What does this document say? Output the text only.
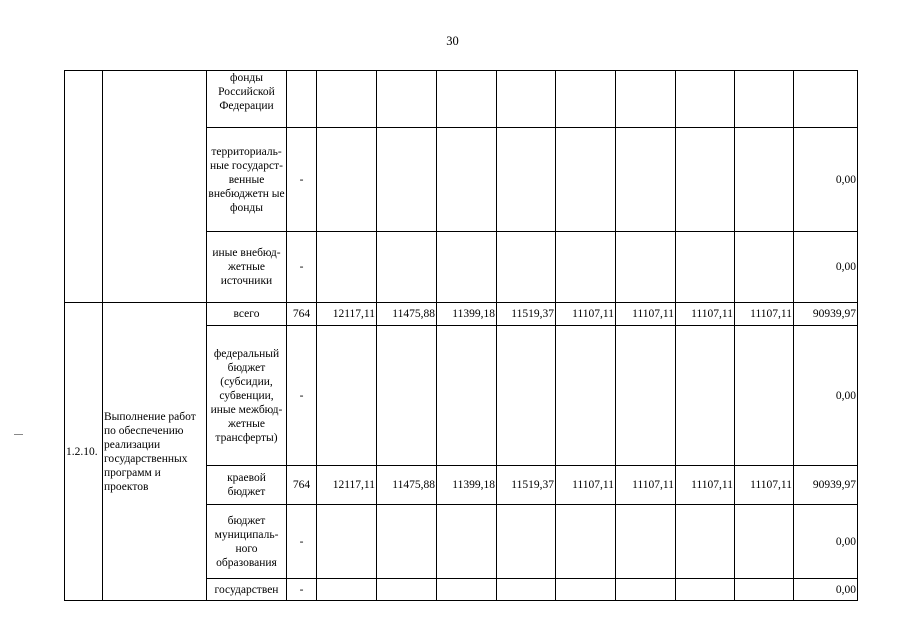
30
		фонды Российской Федерации										
		территориаль-ные государст-венные внебюджетн ые фонды	-									0,00
		иные внебюд-жетные источники	-									0,00
1.2.10.	Выполнение работ по обеспечению реализации государственных программ и проектов	всего	764	12117,11	11475,88	11399,18	11519,37	11107,11	11107,11	11107,11	11107,11	90939,97
		федеральный бюджет (субсидии, субвенции, иные межбюд-жетные трансферты)	-									0,00
		краевой бюджет	764	12117,11	11475,88	11399,18	11519,37	11107,11	11107,11	11107,11	11107,11	90939,97
		бюджет муниципаль-ного образования	-									0,00
		государствен	-									0,00
